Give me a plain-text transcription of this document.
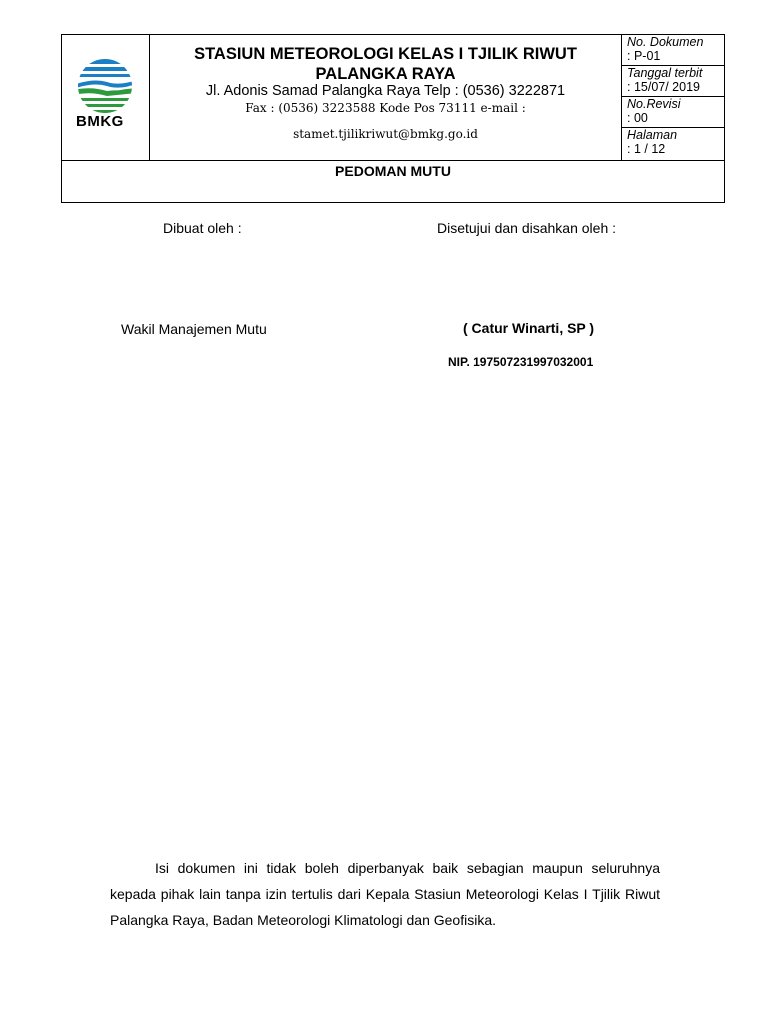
BMKG
STASIUN METEOROLOGI KELAS I TJILIK RIWUT
PALANGKA RAYA
Jl. Adonis Samad Palangka Raya Telp : (0536) 3222871
Fax : (0536) 3223588 Kode Pos 73111 e-mail :
stamet.tjilikriwut@bmkg.go.id
No. Dokumen
: P-01
Tanggal terbit
: 15/07/ 2019
No.Revisi
: 00
Halaman
: 1 / 12
PEDOMAN MUTU
Dibuat oleh :	Disetujui dan disahkan oleh :
Wakil Manajemen Mutu	( Catur Winarti, SP )
NIP. 197507231997032001
Isi dokumen ini tidak boleh diperbanyak baik sebagian maupun seluruhnya kepada pihak lain tanpa izin tertulis dari Kepala Stasiun Meteorologi Kelas I Tjilik Riwut Palangka Raya, Badan Meteorologi Klimatologi dan Geofisika.
